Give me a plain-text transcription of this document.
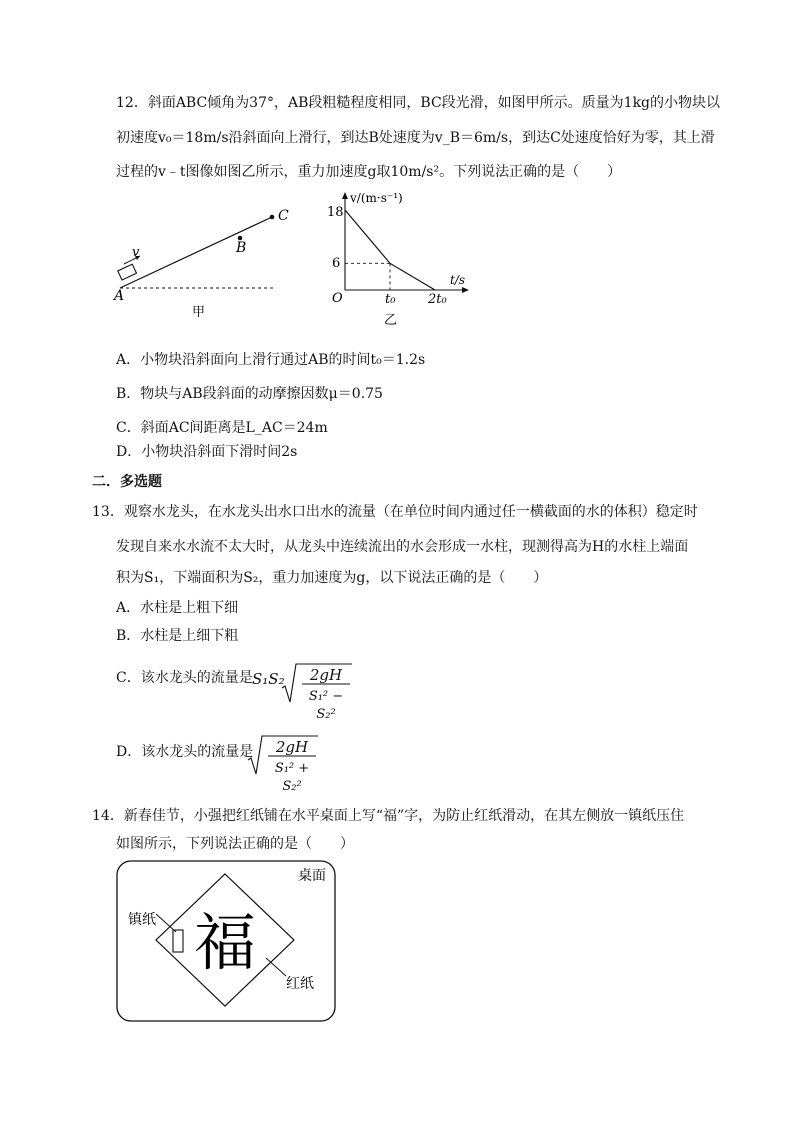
12．斜面ABC倾角为37°，AB段粗糙程度相同，BC段光滑，如图甲所示。质量为1kg的小物块以
初速度v₀＝18m/s沿斜面向上滑行，到达B处速度为v_B＝6m/s，到达C处速度恰好为零，其上滑
过程的v﹣t图像如图乙所示，重力加速度g取10m/s²。下列说法正确的是（　　）
C
B
A
v
甲
v/(m·s⁻¹)
t/s
18
6
O	t₀	2t₀
乙
A．小物块沿斜面向上滑行通过AB的时间t₀＝1.2s
B．物块与AB段斜面的动摩擦因数μ＝0.75
C．斜面AC间距离是L_AC＝24m
D．小物块沿斜面下滑时间2s
二．多选题
13．观察水龙头，在水龙头出水口出水的流量（在单位时间内通过任一横截面的水的体积）稳定时
发现自来水水流不太大时，从龙头中连续流出的水会形成一水柱，现测得高为H的水柱上端面
积为S₁，下端面积为S₂，重力加速度为g，以下说法正确的是（　　）
A．水柱是上粗下细
B．水柱是上细下粗
C．该水龙头的流量是 S₁S₂	2gH
S₁² − S₂²
D．该水龙头的流量是	2gH
S₁² + S₂²
14．新春佳节，小强把红纸铺在水平桌面上写“福”字，为防止红纸滑动，在其左侧放一镇纸压住
如图所示，下列说法正确的是（　　）
桌面
镇纸 福
红纸
